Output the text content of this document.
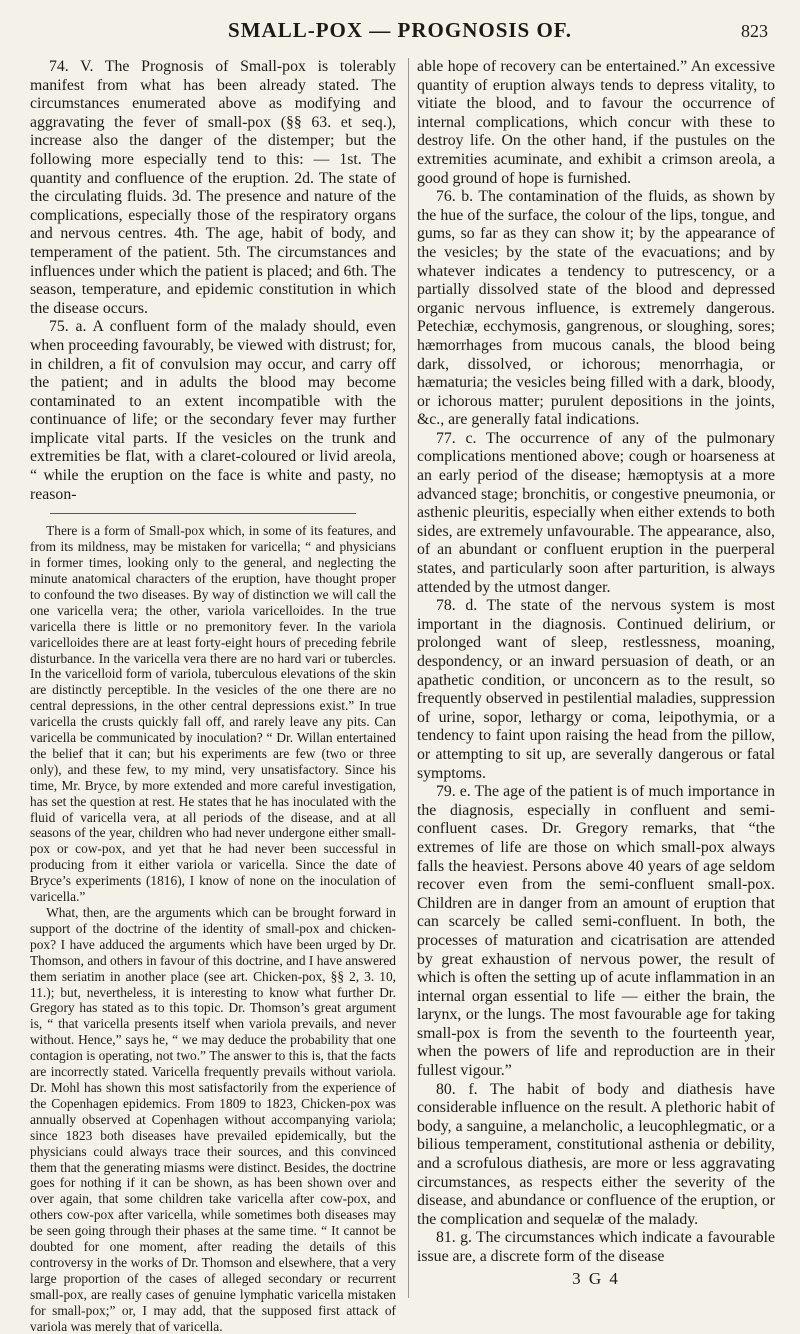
SMALL-POX — PROGNOSIS OF.	823

74. V. The Prognosis of Small-pox is tolerably manifest from what has been already stated. The circumstances enumerated above as modifying and aggravating the fever of small-pox (§§ 63. et seq.), increase also the danger of the distemper; but the following more especially tend to this: — 1st. The quantity and confluence of the eruption. 2d. The state of the circulating fluids. 3d. The presence and nature of the complications, especially those of the respiratory organs and nervous centres. 4th. The age, habit of body, and temperament of the patient. 5th. The circumstances and influences under which the patient is placed; and 6th. The season, temperature, and epidemic constitution in which the disease occurs.

75. a. A confluent form of the malady should, even when proceeding favourably, be viewed with distrust; for, in children, a fit of convulsion may occur, and carry off the patient; and in adults the blood may become contaminated to an extent incompatible with the continuance of life; or the secondary fever may further implicate vital parts. If the vesicles on the trunk and extremities be flat, with a claret-coloured or livid areola, “ while the eruption on the face is white and pasty, no reason-

There is a form of Small-pox which, in some of its features, and from its mildness, may be mistaken for varicella; “ and physicians in former times, looking only to the general, and neglecting the minute anatomical characters of the eruption, have thought proper to confound the two diseases. By way of distinction we will call the one varicella vera; the other, variola varicelloides. In the true varicella there is little or no premonitory fever. In the variola varicelloides there are at least forty-eight hours of preceding febrile disturbance. In the varicella vera there are no hard vari or tubercles. In the varicelloid form of variola, tuberculous elevations of the skin are distinctly perceptible. In the vesicles of the one there are no central depressions, in the other central depressions exist.” In true varicella the crusts quickly fall off, and rarely leave any pits. Can varicella be communicated by inoculation? “ Dr. Willan entertained the belief that it can; but his experiments are few (two or three only), and these few, to my mind, very unsatisfactory. Since his time, Mr. Bryce, by more extended and more careful investigation, has set the question at rest. He states that he has inoculated with the fluid of varicella vera, at all periods of the disease, and at all seasons of the year, children who had never undergone either small-pox or cow-pox, and yet that he had never been successful in producing from it either variola or varicella. Since the date of Bryce’s experiments (1816), I know of none on the inoculation of varicella.”

What, then, are the arguments which can be brought forward in support of the doctrine of the identity of small-pox and chicken-pox? I have adduced the arguments which have been urged by Dr. Thomson, and others in favour of this doctrine, and I have answered them seriatim in another place (see art. Chicken-pox, §§ 2, 3. 10, 11.); but, nevertheless, it is interesting to know what further Dr. Gregory has stated as to this topic. Dr. Thomson’s great argument is, “ that varicella presents itself when variola prevails, and never without. Hence,” says he, “ we may deduce the probability that one contagion is operating, not two.” The answer to this is, that the facts are incorrectly stated. Varicella frequently prevails without variola. Dr. Mohl has shown this most satisfactorily from the experience of the Copenhagen epidemics. From 1809 to 1823, Chicken-pox was annually observed at Copenhagen without accompanying variola; since 1823 both diseases have prevailed epidemically, but the physicians could always trace their sources, and this convinced them that the generating miasms were distinct. Besides, the doctrine goes for nothing if it can be shown, as has been shown over and over again, that some children take varicella after cow-pox, and others cow-pox after varicella, while sometimes both diseases may be seen going through their phases at the same time. “ It cannot be doubted for one moment, after reading the details of this controversy in the works of Dr. Thomson and elsewhere, that a very large proportion of the cases of alleged secondary or recurrent small-pox, are really cases of genuine lymphatic varicella mistaken for small-pox;” or, I may add, that the supposed first attack of variola was merely that of varicella.

able hope of recovery can be entertained.” An excessive quantity of eruption always tends to depress vitality, to vitiate the blood, and to favour the occurrence of internal complications, which concur with these to destroy life. On the other hand, if the pustules on the extremities acuminate, and exhibit a crimson areola, a good ground of hope is furnished.

76. b. The contamination of the fluids, as shown by the hue of the surface, the colour of the lips, tongue, and gums, so far as they can show it; by the appearance of the vesicles; by the state of the evacuations; and by whatever indicates a tendency to putrescency, or a partially dissolved state of the blood and depressed organic nervous influence, is extremely dangerous. Petechiæ, ecchymosis, gangrenous, or sloughing, sores; hæmorrhages from mucous canals, the blood being dark, dissolved, or ichorous; menorrhagia, or hæmaturia; the vesicles being filled with a dark, bloody, or ichorous matter; purulent depositions in the joints, &c., are generally fatal indications.

77. c. The occurrence of any of the pulmonary complications mentioned above; cough or hoarseness at an early period of the disease; hæmoptysis at a more advanced stage; bronchitis, or congestive pneumonia, or asthenic pleuritis, especially when either extends to both sides, are extremely unfavourable. The appearance, also, of an abundant or confluent eruption in the puerperal states, and particularly soon after parturition, is always attended by the utmost danger.

78. d. The state of the nervous system is most important in the diagnosis. Continued delirium, or prolonged want of sleep, restlessness, moaning, despondency, or an inward persuasion of death, or an apathetic condition, or unconcern as to the result, so frequently observed in pestilential maladies, suppression of urine, sopor, lethargy or coma, leipothymia, or a tendency to faint upon raising the head from the pillow, or attempting to sit up, are severally dangerous or fatal symptoms.

79. e. The age of the patient is of much importance in the diagnosis, especially in confluent and semi-confluent cases. Dr. Gregory remarks, that “the extremes of life are those on which small-pox always falls the heaviest. Persons above 40 years of age seldom recover even from the semi-confluent small-pox. Children are in danger from an amount of eruption that can scarcely be called semi-confluent. In both, the processes of maturation and cicatrisation are attended by great exhaustion of nervous power, the result of which is often the setting up of acute inflammation in an internal organ essential to life — either the brain, the larynx, or the lungs. The most favourable age for taking small-pox is from the seventh to the fourteenth year, when the powers of life and reproduction are in their fullest vigour.”

80. f. The habit of body and diathesis have considerable influence on the result. A plethoric habit of body, a sanguine, a melancholic, a leucophlegmatic, or a bilious temperament, constitutional asthenia or debility, and a scrofulous diathesis, are more or less aggravating circumstances, as respects either the severity of the disease, and abundance or confluence of the eruption, or the complication and sequelæ of the malady.

81. g. The circumstances which indicate a favourable issue are, a discrete form of the disease

3 G 4
